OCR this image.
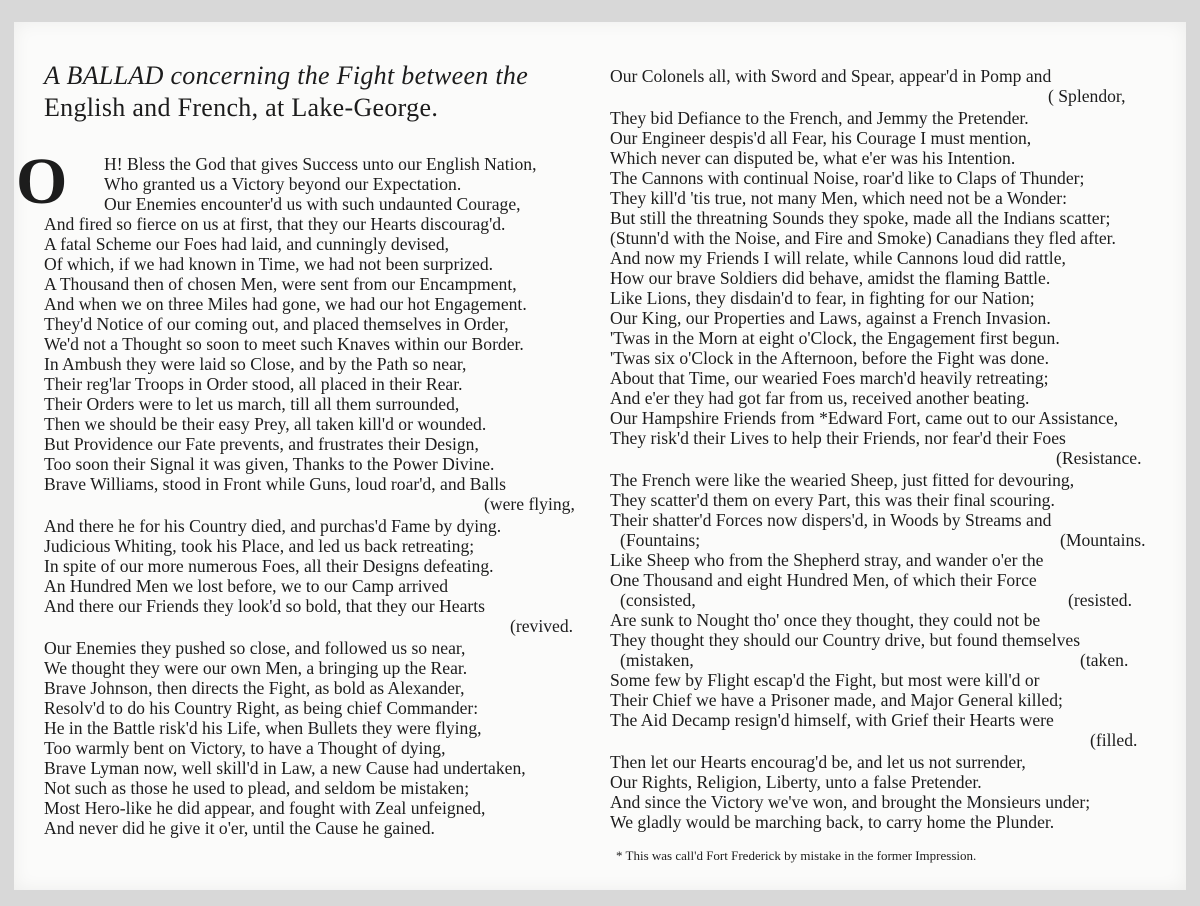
A BALLAD concerning the Fight between the
English and French, at Lake-George.
O H! Bless the God that gives Success unto our English Nation,
Who granted us a Victory beyond our Expectation.
Our Enemies encounter'd us with such undaunted Courage,
And fired so fierce on us at first, that they our Hearts discourag'd.
A fatal Scheme our Foes had laid, and cunningly devised,
Of which, if we had known in Time, we had not been surprized.
A Thousand then of chosen Men, were sent from our Encampment,
And when we on three Miles had gone, we had our hot Engagement.
They'd Notice of our coming out, and placed themselves in Order,
We'd not a Thought so soon to meet such Knaves within our Border.
In Ambush they were laid so Close, and by the Path so near,
Their reg'lar Troops in Order stood, all placed in their Rear.
Their Orders were to let us march, till all them surrounded,
Then we should be their easy Prey, all taken kill'd or wounded.
But Providence our Fate prevents, and frustrates their Design,
Too soon their Signal it was given, Thanks to the Power Divine.
Brave Williams, stood in Front while Guns, loud roar'd, and Balls
(were flying,
And there he for his Country died, and purchas'd Fame by dying.
Judicious Whiting, took his Place, and led us back retreating;
In spite of our more numerous Foes, all their Designs defeating.
An Hundred Men we lost before, we to our Camp arrived
And there our Friends they look'd so bold, that they our Hearts
(revived.
Our Enemies they pushed so close, and followed us so near,
We thought they were our own Men, a bringing up the Rear.
Brave Johnson, then directs the Fight, as bold as Alexander,
Resolv'd to do his Country Right, as being chief Commander:
He in the Battle risk'd his Life, when Bullets they were flying,
Too warmly bent on Victory, to have a Thought of dying,
Brave Lyman now, well skill'd in Law, a new Cause had undertaken,
Not such as those he used to plead, and seldom be mistaken;
Most Hero-like he did appear, and fought with Zeal unfeigned,
And never did he give it o'er, until the Cause he gained.
Our Colonels all, with Sword and Spear, appear'd in Pomp and
( Splendor,
They bid Defiance to the French, and Jemmy the Pretender.
Our Engineer despis'd all Fear, his Courage I must mention,
Which never can disputed be, what e'er was his Intention.
The Cannons with continual Noise, roar'd like to Claps of Thunder;
They kill'd 'tis true, not many Men, which need not be a Wonder:
But still the threatning Sounds they spoke, made all the Indians scatter;
(Stunn'd with the Noise, and Fire and Smoke) Canadians they fled after.
And now my Friends I will relate, while Cannons loud did rattle,
How our brave Soldiers did behave, amidst the flaming Battle.
Like Lions, they disdain'd to fear, in fighting for our Nation;
Our King, our Properties and Laws, against a French Invasion.
'Twas in the Morn at eight o'Clock, the Engagement first begun.
'Twas six o'Clock in the Afternoon, before the Fight was done.
About that Time, our wearied Foes march'd heavily retreating;
And e'er they had got far from us, received another beating.
Our Hampshire Friends from *Edward Fort, came out to our Assistance,
They risk'd their Lives to help their Friends, nor fear'd their Foes
(Resistance.
The French were like the wearied Sheep, just fitted for devouring,
They scatter'd them on every Part, this was their final scouring.
Their shatter'd Forces now dispers'd, in Woods by Streams and
(Fountains;	(Mountains.
Like Sheep who from the Shepherd stray, and wander o'er the
One Thousand and eight Hundred Men, of which their Force
(consisted,	(resisted.
Are sunk to Nought tho' once they thought, they could not be
They thought they should our Country drive, but found themselves
(mistaken,	(taken.
Some few by Flight escap'd the Fight, but most were kill'd or
Their Chief we have a Prisoner made, and Major General killed;
The Aid Decamp resign'd himself, with Grief their Hearts were
(filled.
Then let our Hearts encourag'd be, and let us not surrender,
Our Rights, Religion, Liberty, unto a false Pretender.
And since the Victory we've won, and brought the Monsieurs under;
We gladly would be marching back, to carry home the Plunder.
* This was call'd Fort Frederick by mistake in the former Impression.
